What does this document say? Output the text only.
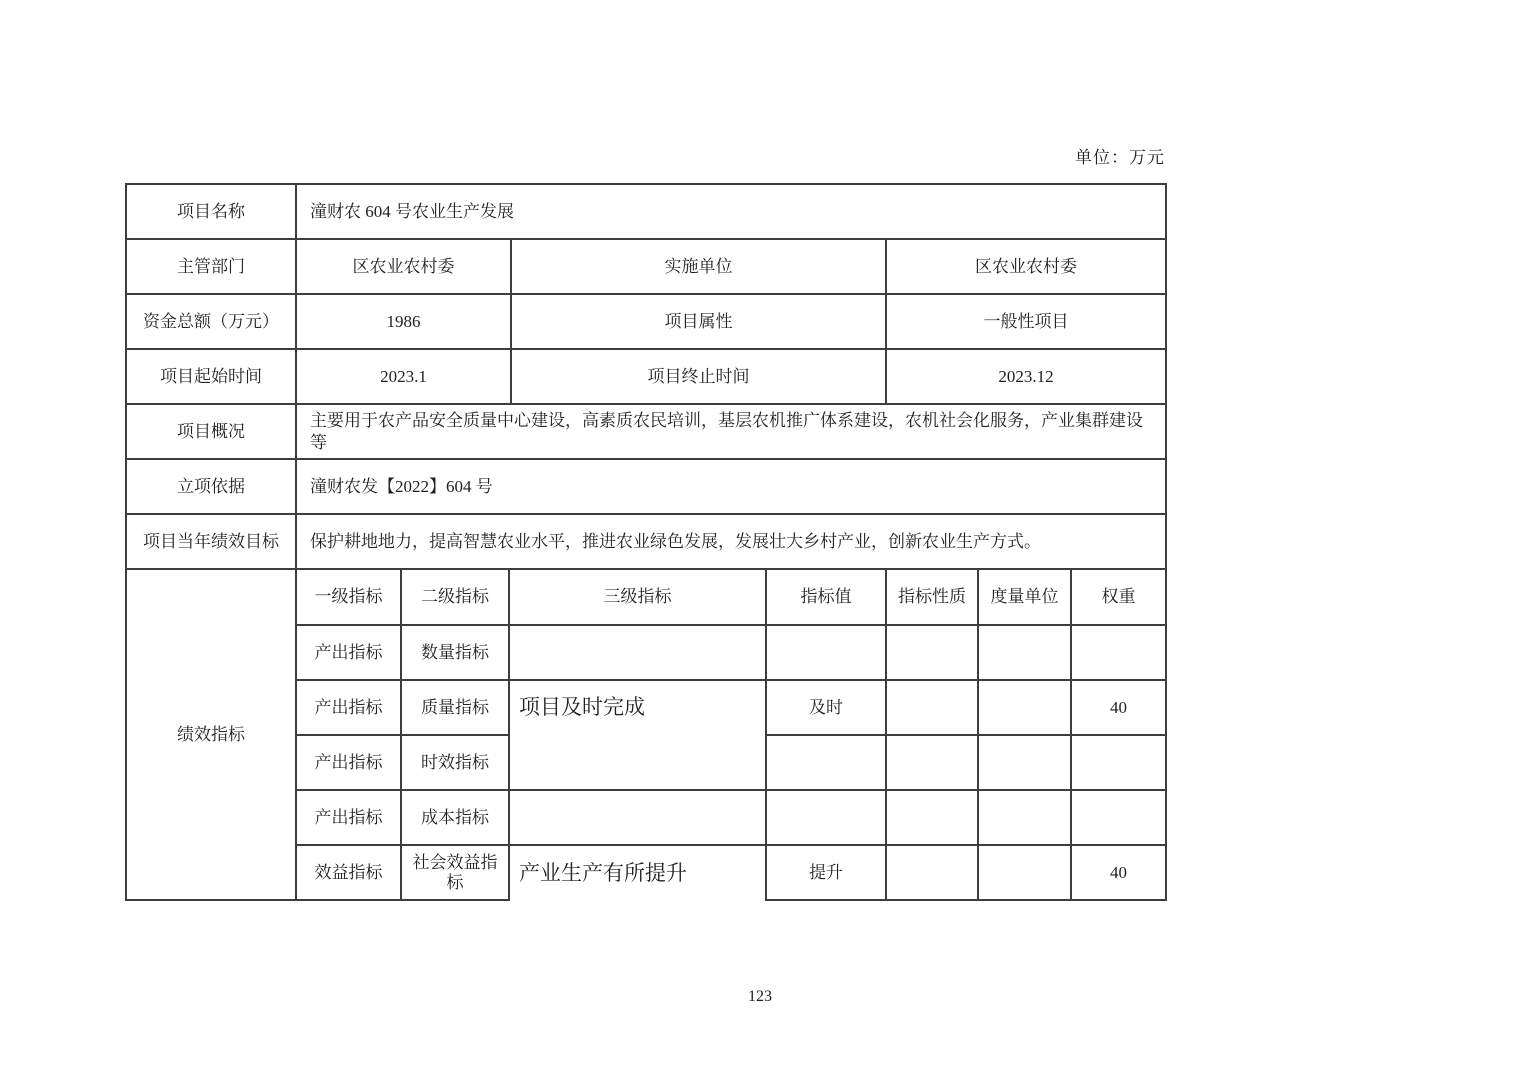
单位：万元
项目名称	潼财农 604 号农业生产发展		
主管部门	区农业农村委	实施单位	区农业农村委
资金总额（万元）	1986	项目属性	一般性项目
项目起始时间	2023.1	项目终止时间	2023.12
项目概况	主要用于农产品安全质量中心建设，高素质农民培训，基层农机推广体系建设，农机社会化服务，产业集群建设等		
立项依据	潼财农发【2022】604 号		
项目当年绩效目标	保护耕地地力，提高智慧农业水平，推进农业绿色发展，发展壮大乡村产业，创新农业生产方式。		
绩效指标	一级指标	二级指标	三级指标	指标值	指标性质	度量单位	权重
	产出指标	数量指标					
	产出指标	质量指标	项目及时完成	及时			40
	产出指标	时效指标					
	产出指标	成本指标					
	效益指标	社会效益指标	产业生产有所提升	提升			40
123
